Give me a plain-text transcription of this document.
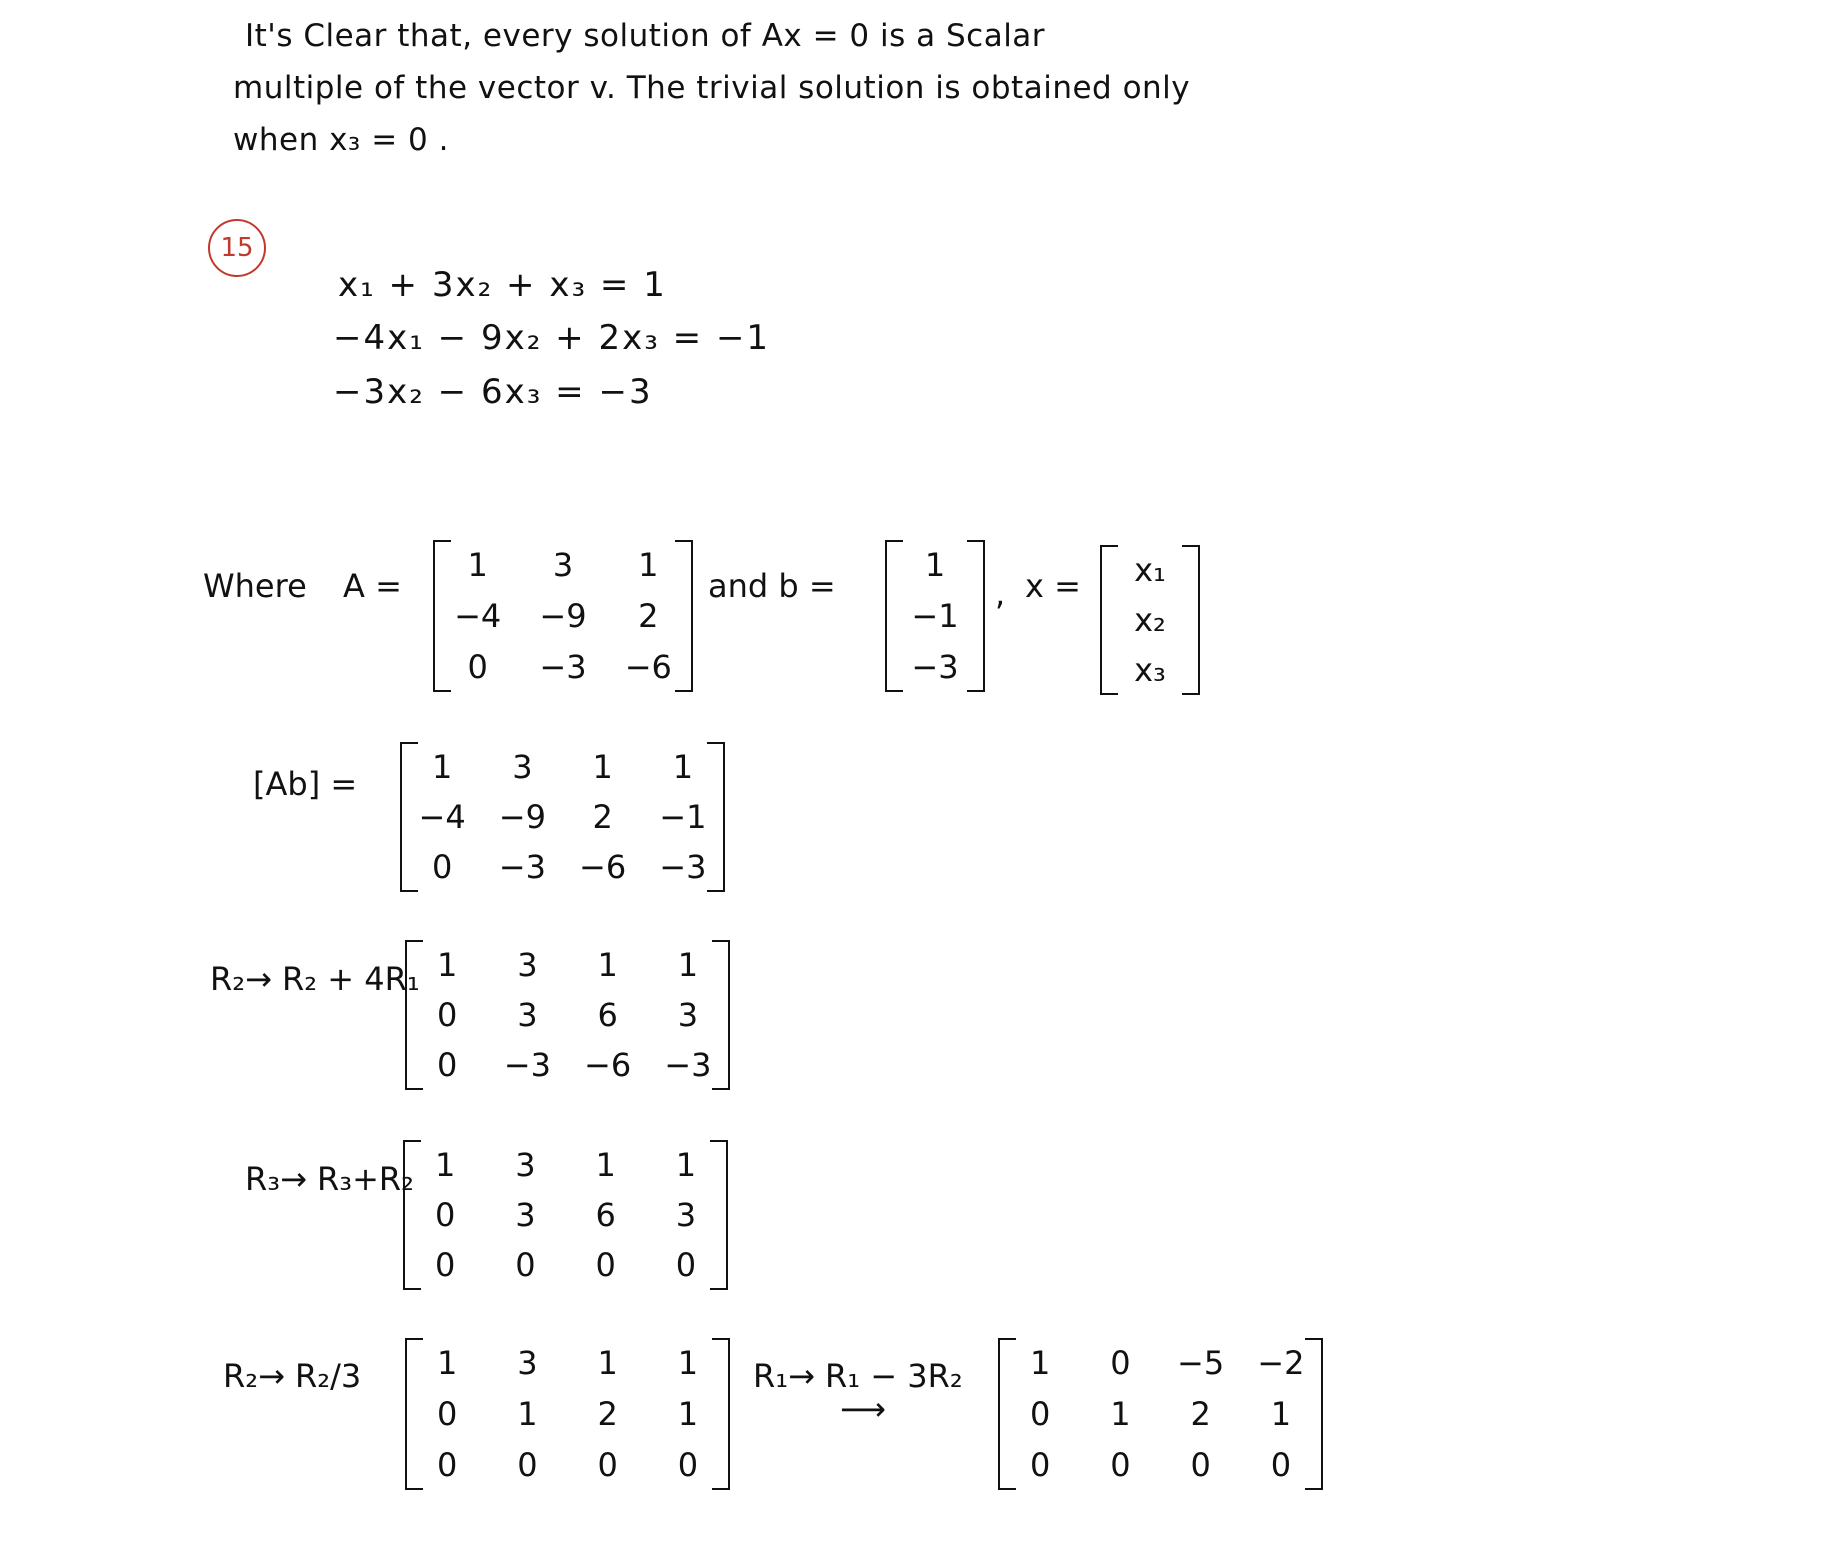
It's Clear that, every solution of Ax = 0 is a Scalar
multiple of the vector v. The trivial solution is obtained only
when x₃ = 0 .
15
x₁ + 3x₂ + x₃ = 1
−4x₁ − 9x₂ + 2x₃ = −1
−3x₂ − 6x₃ = −3
Where A =
1 3 1
−4 −9 2
0 −3 −6
and b =
1
−1
−3
, x = x₁
x₂
x₃
[Ab] = 1 3 1 1
−4 −9 2 −1
0 −3 −6 −3
R₂→ R₂ + 4R₁ 1 3 1 1
0 3 6 3
0 −3 −6 −3
R₃→ R₃+R₂ 1 3 1 1
0 3 6 3
0 0 0 0
R₂→ R₂/3 1 3 1 1
0 1 2 1
0 0 0 0
R₁→ R₁ − 3R₂
⟶
1 0 −5 −2
0 1 2 1
0 0 0 0
